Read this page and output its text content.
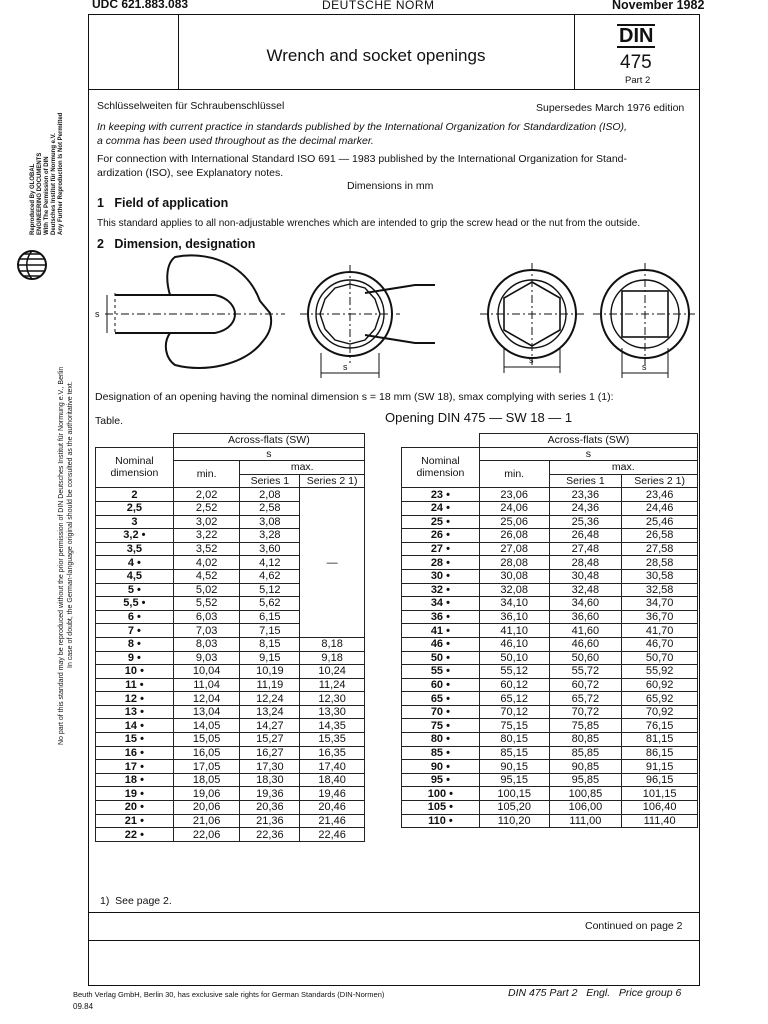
UDC 621.883.083	DEUTSCHE NORM	November 1982
Wrench and socket openings
DIN
475
Part 2
Schlüsselweiten für Schraubenschlüssel	Supersedes March 1976 edition
In keeping with current practice in standards published by the International Organization for Standardization (ISO),
a comma has been used throughout as the decimal marker.
For connection with International Standard ISO 691 — 1983 published by the International Organization for Stand-
ardization (ISO), see Explanatory notes.
Dimensions in mm
1   Field of application
This standard applies to all non-adjustable wrenches which are intended to grip the screw head or the nut from the outside.
2   Dimension, designation
s
s
s
s
Designation of an opening having the nominal dimension s = 18 mm (SW 18), smax complying with series 1 (1):
Table.	Opening DIN 475 — SW 18 — 1
	Across-flats (SW)		

Nominal
dimension	s		
	min.	max.	
		Series 1	Series 2 1)
2	2,02	2,08	—
2,5	2,52	2,58	
3	3,02	3,08	
3,2 •	3,22	3,28	
3,5	3,52	3,60	
4 •	4,02	4,12	
4,5	4,52	4,62	
5 •	5,02	5,12	
5,5 •	5,52	5,62	
6 •	6,03	6,15	
7 •	7,03	7,15	
8 •	8,03	8,15	8,18
9 •	9,03	9,15	9,18
10 •	10,04	10,19	10,24
11 •	11,04	11,19	11,24
12 •	12,04	12,24	12,30
13 •	13,04	13,24	13,30
14 •	14,05	14,27	14,35
15 •	15,05	15,27	15,35
16 •	16,05	16,27	16,35
17 •	17,05	17,30	17,40
18 •	18,05	18,30	18,40
19 •	19,06	19,36	19,46
20 •	20,06	20,36	20,46
21 •	21,06	21,36	21,46
22 •	22,06	22,36	22,46
	Across-flats (SW)		

Nominal
dimension	s		
	min.	max.	
		Series 1	Series 2 1)
23 •	23,06	23,36	23,46
24 •	24,06	24,36	24,46
25 •	25,06	25,36	25,46
26 •	26,08	26,48	26,58
27 •	27,08	27,48	27,58
28 •	28,08	28,48	28,58
30 •	30,08	30,48	30,58
32 •	32,08	32,48	32,58
34 •	34,10	34,60	34,70
36 •	36,10	36,60	36,70
41 •	41,10	41,60	41,70
46 •	46,10	46,60	46,70
50 •	50,10	50,60	50,70
55 •	55,12	55,72	55,92
60 •	60,12	60,72	60,92
65 •	65,12	65,72	65,92
70 •	70,12	70,72	70,92
75 •	75,15	75,85	76,15
80 •	80,15	80,85	81,15
85 •	85,15	85,85	86,15
90 •	90,15	90,85	91,15
95 •	95,15	95,85	96,15
100 •	100,15	100,85	101,15
105 •	105,20	106,00	106,40
110 •	110,20	111,00	111,40
1)  See page 2.
Continued on page 2
Beuth Verlag GmbH, Berlin 30, has exclusive sale rights for German Standards (DIN-Normen)
09.84
DIN 475 Part 2   Engl.   Price group 6
No part of this standard may be reproduced without the prior permission of DIN Deutsches Institut für Normung e.V., Berlin In case of doubt, the German-language original should be consulted as the authoritative text.
Reproduced By GLOBAL ENGINEERING DOCUMENTS With The Permission of DIN Deutsches Institut für Normung e.V. Any Further Reproduction Is Not Permitted
